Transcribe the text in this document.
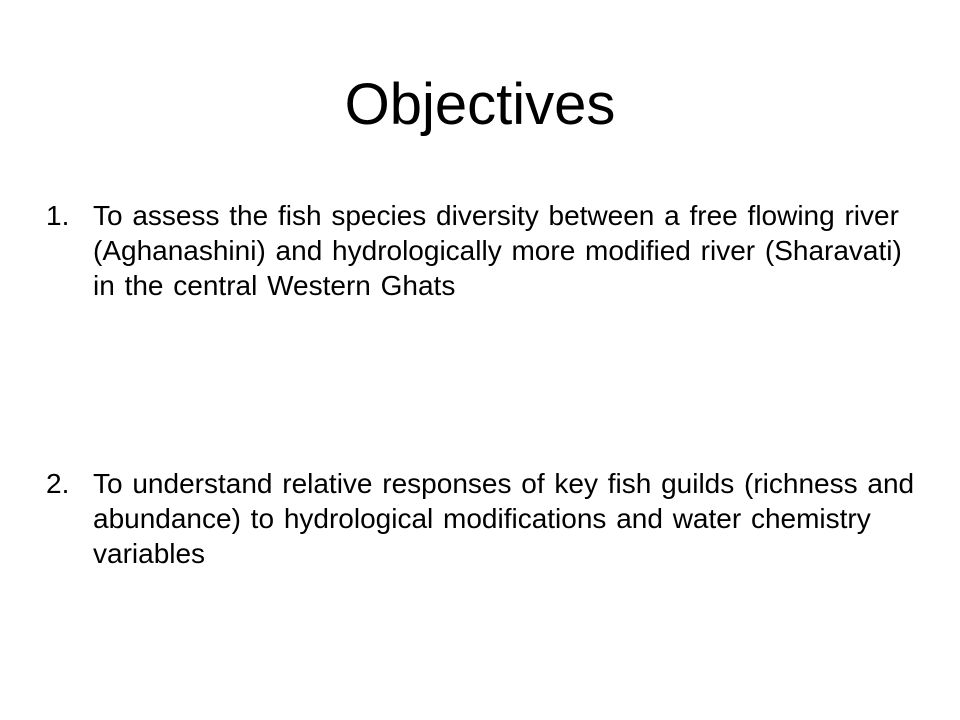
Objectives
1. To assess the fish species diversity between a free flowing river (Aghanashini) and hydrologically more modified river (Sharavati) in the central Western Ghats
2. To understand relative responses of key fish guilds (richness and abundance) to hydrological modifications and water chemistry variables
